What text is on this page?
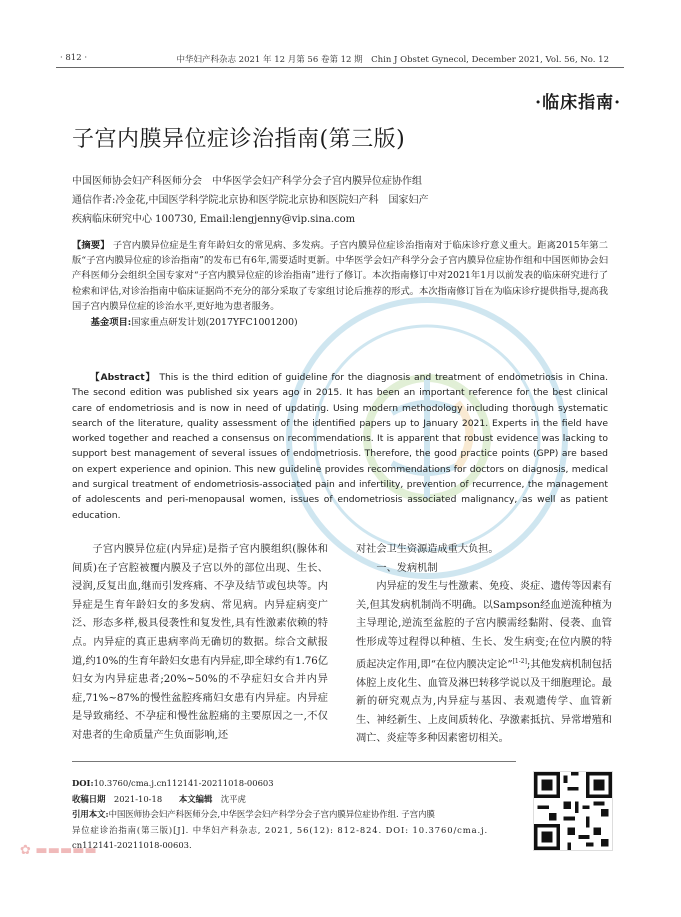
· 812 ·	中华妇产科杂志 2021 年 12 月第 56 卷第 12 期　Chin J Obstet Gynecol, December 2021, Vol. 56, No. 12
·临床指南·
子宫内膜异位症诊治指南(第三版)
中国医师协会妇产科医师分会　中华医学会妇产科学分会子宫内膜异位症协作组
通信作者:冷金花,中国医学科学院北京协和医学院北京协和医院妇产科　国家妇产
疾病临床研究中心 100730, Email:lengjenny@vip.sina.com
【摘要】 子宫内膜异位症是生育年龄妇女的常见病、多发病。子宫内膜异位症诊治指南对于临床诊疗意义重大。距离2015年第二版“子宫内膜异位症的诊治指南”的发布已有6年,需要适时更新。中华医学会妇产科学分会子宫内膜异位症协作组和中国医师协会妇产科医师分会组织全国专家对“子宫内膜异位症的诊治指南”进行了修订。本次指南修订中对2021年1月以前发表的临床研究进行了检索和评估,对诊治指南中临床证据尚不充分的部分采取了专家组讨论后推荐的形式。本次指南修订旨在为临床诊疗提供指导,提高我国子宫内膜异位症的诊治水平,更好地为患者服务。
基金项目:国家重点研发计划(2017YFC1001200)
【Abstract】 This is the third edition of guideline for the diagnosis and treatment of endometriosis in China. The second edition was published six years ago in 2015. It has been an important reference for the best clinical care of endometriosis and is now in need of updating. Using modern methodology including thorough systematic search of the literature, quality assessment of the identified papers up to January 2021. Experts in the field have worked together and reached a consensus on recommendations. It is apparent that robust evidence was lacking to support best management of several issues of endometriosis. Therefore, the good practice points (GPP) are based on expert experience and opinion. This new guideline provides recommendations for doctors on diagnosis, medical and surgical treatment of endometriosis-associated pain and infertility, prevention of recurrence, the management of adolescents and peri-menopausal women, issues of endometriosis associated malignancy, as well as patient education.

子宫内膜异位症(内异症)是指子宫内膜组织(腺体和间质)在子宫腔被覆内膜及子宫以外的部位出现、生长、浸润,反复出血,继而引发疼痛、不孕及结节或包块等。内异症是生育年龄妇女的多发病、常见病。内异症病变广泛、形态多样,极具侵袭性和复发性,具有性激素依赖的特点。内异症的真正患病率尚无确切的数据。综合文献报道,约10%的生育年龄妇女患有内异症,即全球约有1.76亿妇女为内异症患者;20%~50%的不孕症妇女合并内异症,71%~87%的慢性盆腔疼痛妇女患有内异症。内异症是导致痛经、不孕症和慢性盆腔痛的主要原因之一,不仅对患者的生命质量产生负面影响,还

对社会卫生资源造成重大负担。

一、发病机制

内异症的发生与性激素、免疫、炎症、遗传等因素有关,但其发病机制尚不明确。以Sampson经血逆流种植为主导理论,逆流至盆腔的子宫内膜需经黏附、侵袭、血管性形成等过程得以种植、生长、发生病变;在位内膜的特质起决定作用,即“在位内膜决定论”[1-2];其他发病机制包括体腔上皮化生、血管及淋巴转移学说以及干细胞理论。最新的研究观点为,内异症与基因、表观遗传学、血管新生、神经新生、上皮间质转化、孕激素抵抗、异常增殖和凋亡、炎症等多种因素密切相关。

DOI:10.3760/cma.j.cn112141-20211018-00603
收稿日期　 2021-10-18　　 本文编辑　 沈平虎
引用本文:中国医师协会妇产科医师分会,中华医学会妇产科学分会子宫内膜异位症协作组. 子宫内膜
异位症诊治指南(第三版)[J]. 中华妇产科杂志, 2021, 56(12): 812-824. DOI: 10.3760/cma.j.
cn112141-20211018-00603.
✿ ▬▬▬▬▬
